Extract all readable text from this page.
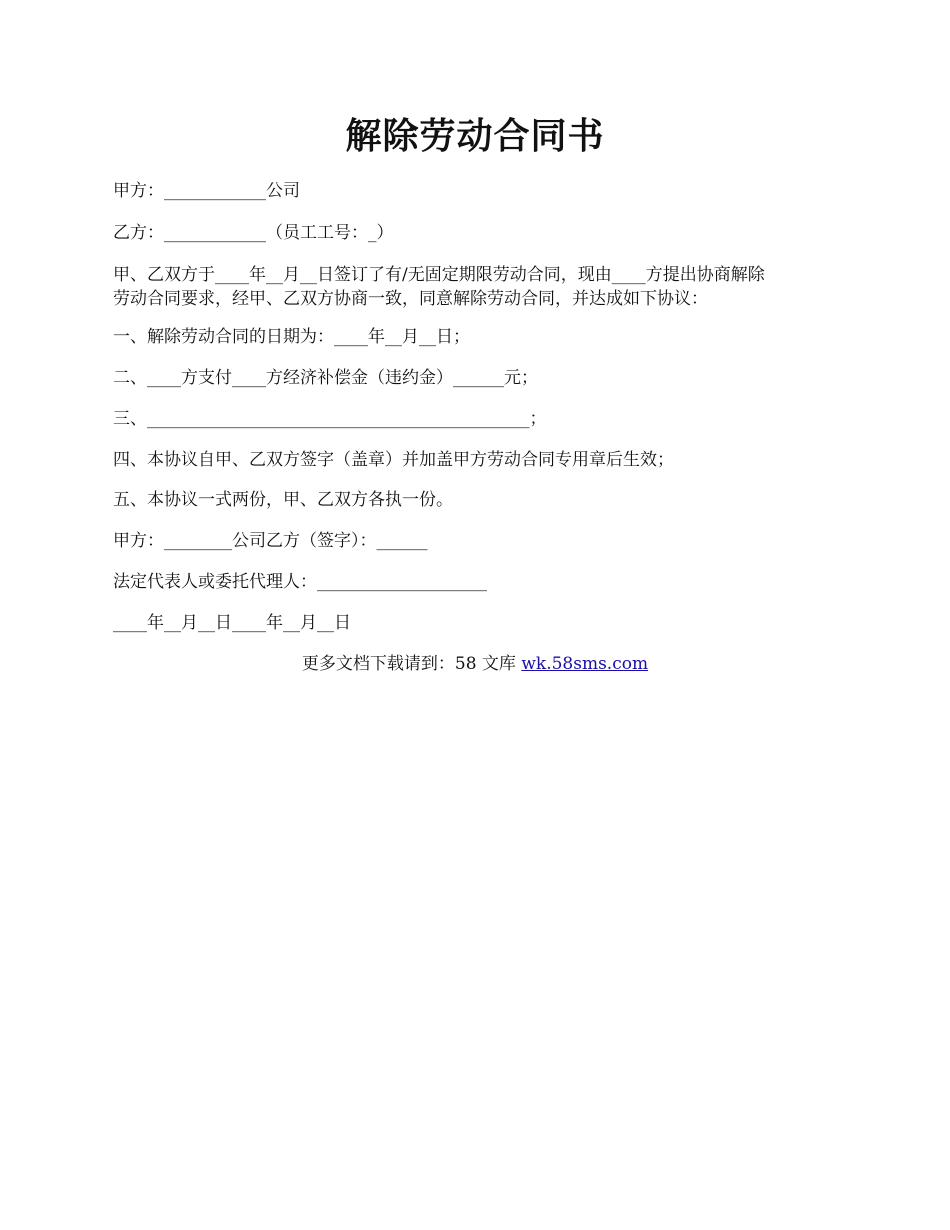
解除劳动合同书
甲方：____________公司
乙方：____________（员工工号：_）
甲、乙双方于____年__月__日签订了有/无固定期限劳动合同，现由____方提出协商解除
劳动合同要求，经甲、乙双方协商一致，同意解除劳动合同，并达成如下协议：
一、解除劳动合同的日期为：____年__月__日；
二、____方支付____方经济补偿金（违约金）______元；
三、_____________________________________________；
四、本协议自甲、乙双方签字（盖章）并加盖甲方劳动合同专用章后生效；
五、本协议一式两份，甲、乙双方各执一份。
甲方：________公司乙方（签字）：______
法定代表人或委托代理人：____________________
____年__月__日____年__月__日
更多文档下载请到：58 文库 wk.58sms.com
